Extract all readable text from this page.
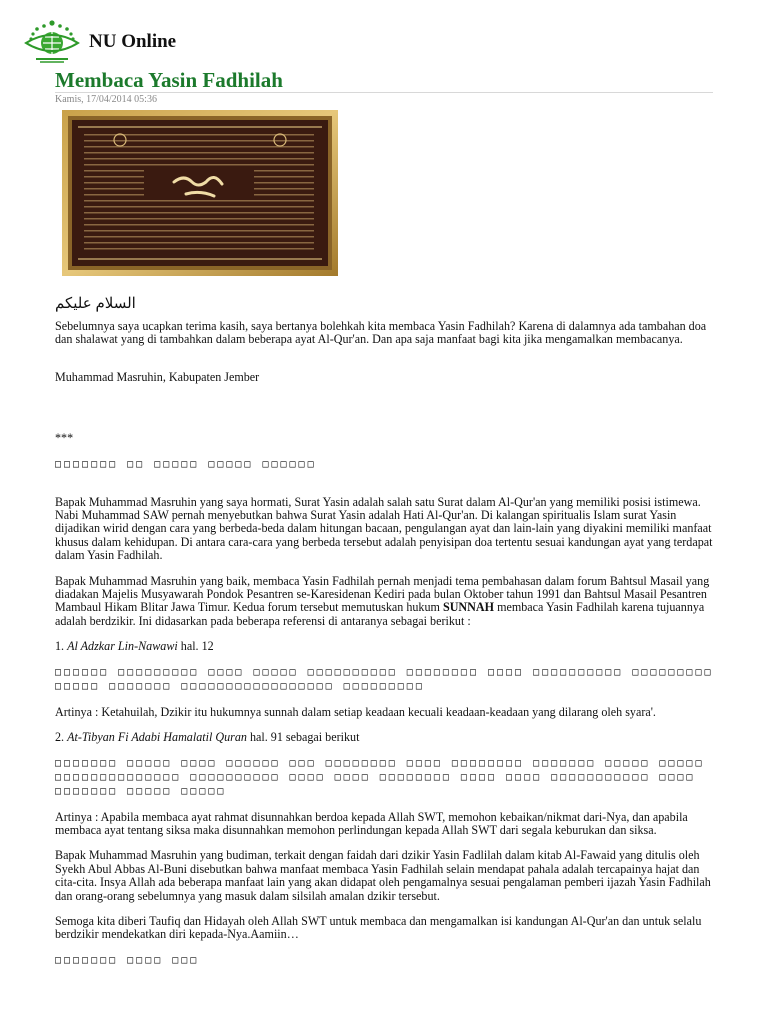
NU Online
Membaca Yasin Fadhilah
Kamis, 17/04/2014 05:36
السلام عليكم

Sebelumnya saya ucapkan terima kasih, saya bertanya bolehkah kita membaca Yasin Fadhilah? Karena di dalamnya ada tambahan doa dan shalawat yang di tambahkan dalam beberapa ayat Al-Qur'an. Dan apa saja manfaat bagi kita jika mengamalkan membacanya.

Muhammad Masruhin, Kabupaten Jember

***

□□□□□□□ □□ □□□□□ □□□□□ □□□□□□

Bapak Muhammad Masruhin yang saya hormati, Surat Yasin adalah salah satu Surat dalam Al-Qur'an yang memiliki posisi istimewa. Nabi Muhammad SAW pernah menyebutkan bahwa Surat Yasin adalah Hati Al-Qur'an. Di kalangan spiritualis Islam surat Yasin dijadikan wirid dengan cara yang berbeda-beda dalam hitungan bacaan, pengulangan ayat dan lain-lain yang diyakini memiliki manfaat khusus dalam kehidupan. Di antara cara-cara yang berbeda tersebut adalah penyisipan doa tertentu sesuai kandungan ayat yang terdapat dalam Yasin Fadhilah.

Bapak Muhammad Masruhin yang baik, membaca Yasin Fadhilah pernah menjadi tema pembahasan dalam forum Bahtsul Masail yang diadakan Majelis Musyawarah Pondok Pesantren se-Karesidenan Kediri pada bulan Oktober tahun 1991 dan Bahtsul Masail Pesantren Mambaul Hikam Blitar Jawa Timur. Kedua forum tersebut memutuskan hukum SUNNAH membaca Yasin Fadhilah karena tujuannya adalah berdzikir. Ini didasarkan pada beberapa referensi di antaranya sebagai berikut :

1. Al Adzkar Lin-Nawawi hal. 12

□□□□□□ □□□□□□□□□ □□□□ □□□□□ □□□□□□□□□□ □□□□□□□□ □□□□ □□□□□□□□□□ □□□□□□□□□ □□□□□ □□□□□□□ □□□□□□□□□□□□□□□□□ □□□□□□□□□

Artinya : Ketahuilah, Dzikir itu hukumnya sunnah dalam setiap keadaan kecuali keadaan-keadaan yang dilarang oleh syara'.

2. At-Tibyan Fi Adabi Hamalatil Quran hal. 91 sebagai berikut

□□□□□□□ □□□□□ □□□□ □□□□□□ □□□ □□□□□□□□ □□□□ □□□□□□□□ □□□□□□□ □□□□□ □□□□□ □□□□□□□□□□□□□□ □□□□□□□□□□ □□□□ □□□□ □□□□□□□□ □□□□ □□□□ □□□□□□□□□□□ □□□□ □□□□□□□ □□□□□ □□□□□

Artinya : Apabila membaca ayat rahmat disunnahkan berdoa kepada Allah SWT, memohon kebaikan/nikmat dari-Nya, dan apabila membaca ayat tentang siksa maka disunnahkan memohon perlindungan kepada Allah SWT dari segala keburukan dan siksa.

Bapak Muhammad Masruhin yang budiman, terkait dengan faidah dari dzikir Yasin Fadlilah dalam kitab Al-Fawaid yang ditulis oleh Syekh Abul Abbas Al-Buni disebutkan bahwa manfaat membaca Yasin Fadhilah selain mendapat pahala adalah tercapainya hajat dan cita-cita. Insya Allah ada beberapa manfaat lain yang akan didapat oleh pengamalnya sesuai pengalaman pemberi ijazah Yasin Fadhilah dan orang-orang sebelumnya yang masuk dalam silsilah amalan dzikir tersebut.

Semoga kita diberi Taufiq dan Hidayah oleh Allah SWT untuk membaca dan mengamalkan isi kandungan Al-Qur'an dan untuk selalu berdzikir mendekatkan diri kepada-Nya.Aamiin…

□□□□□□□ □□□□ □□□
